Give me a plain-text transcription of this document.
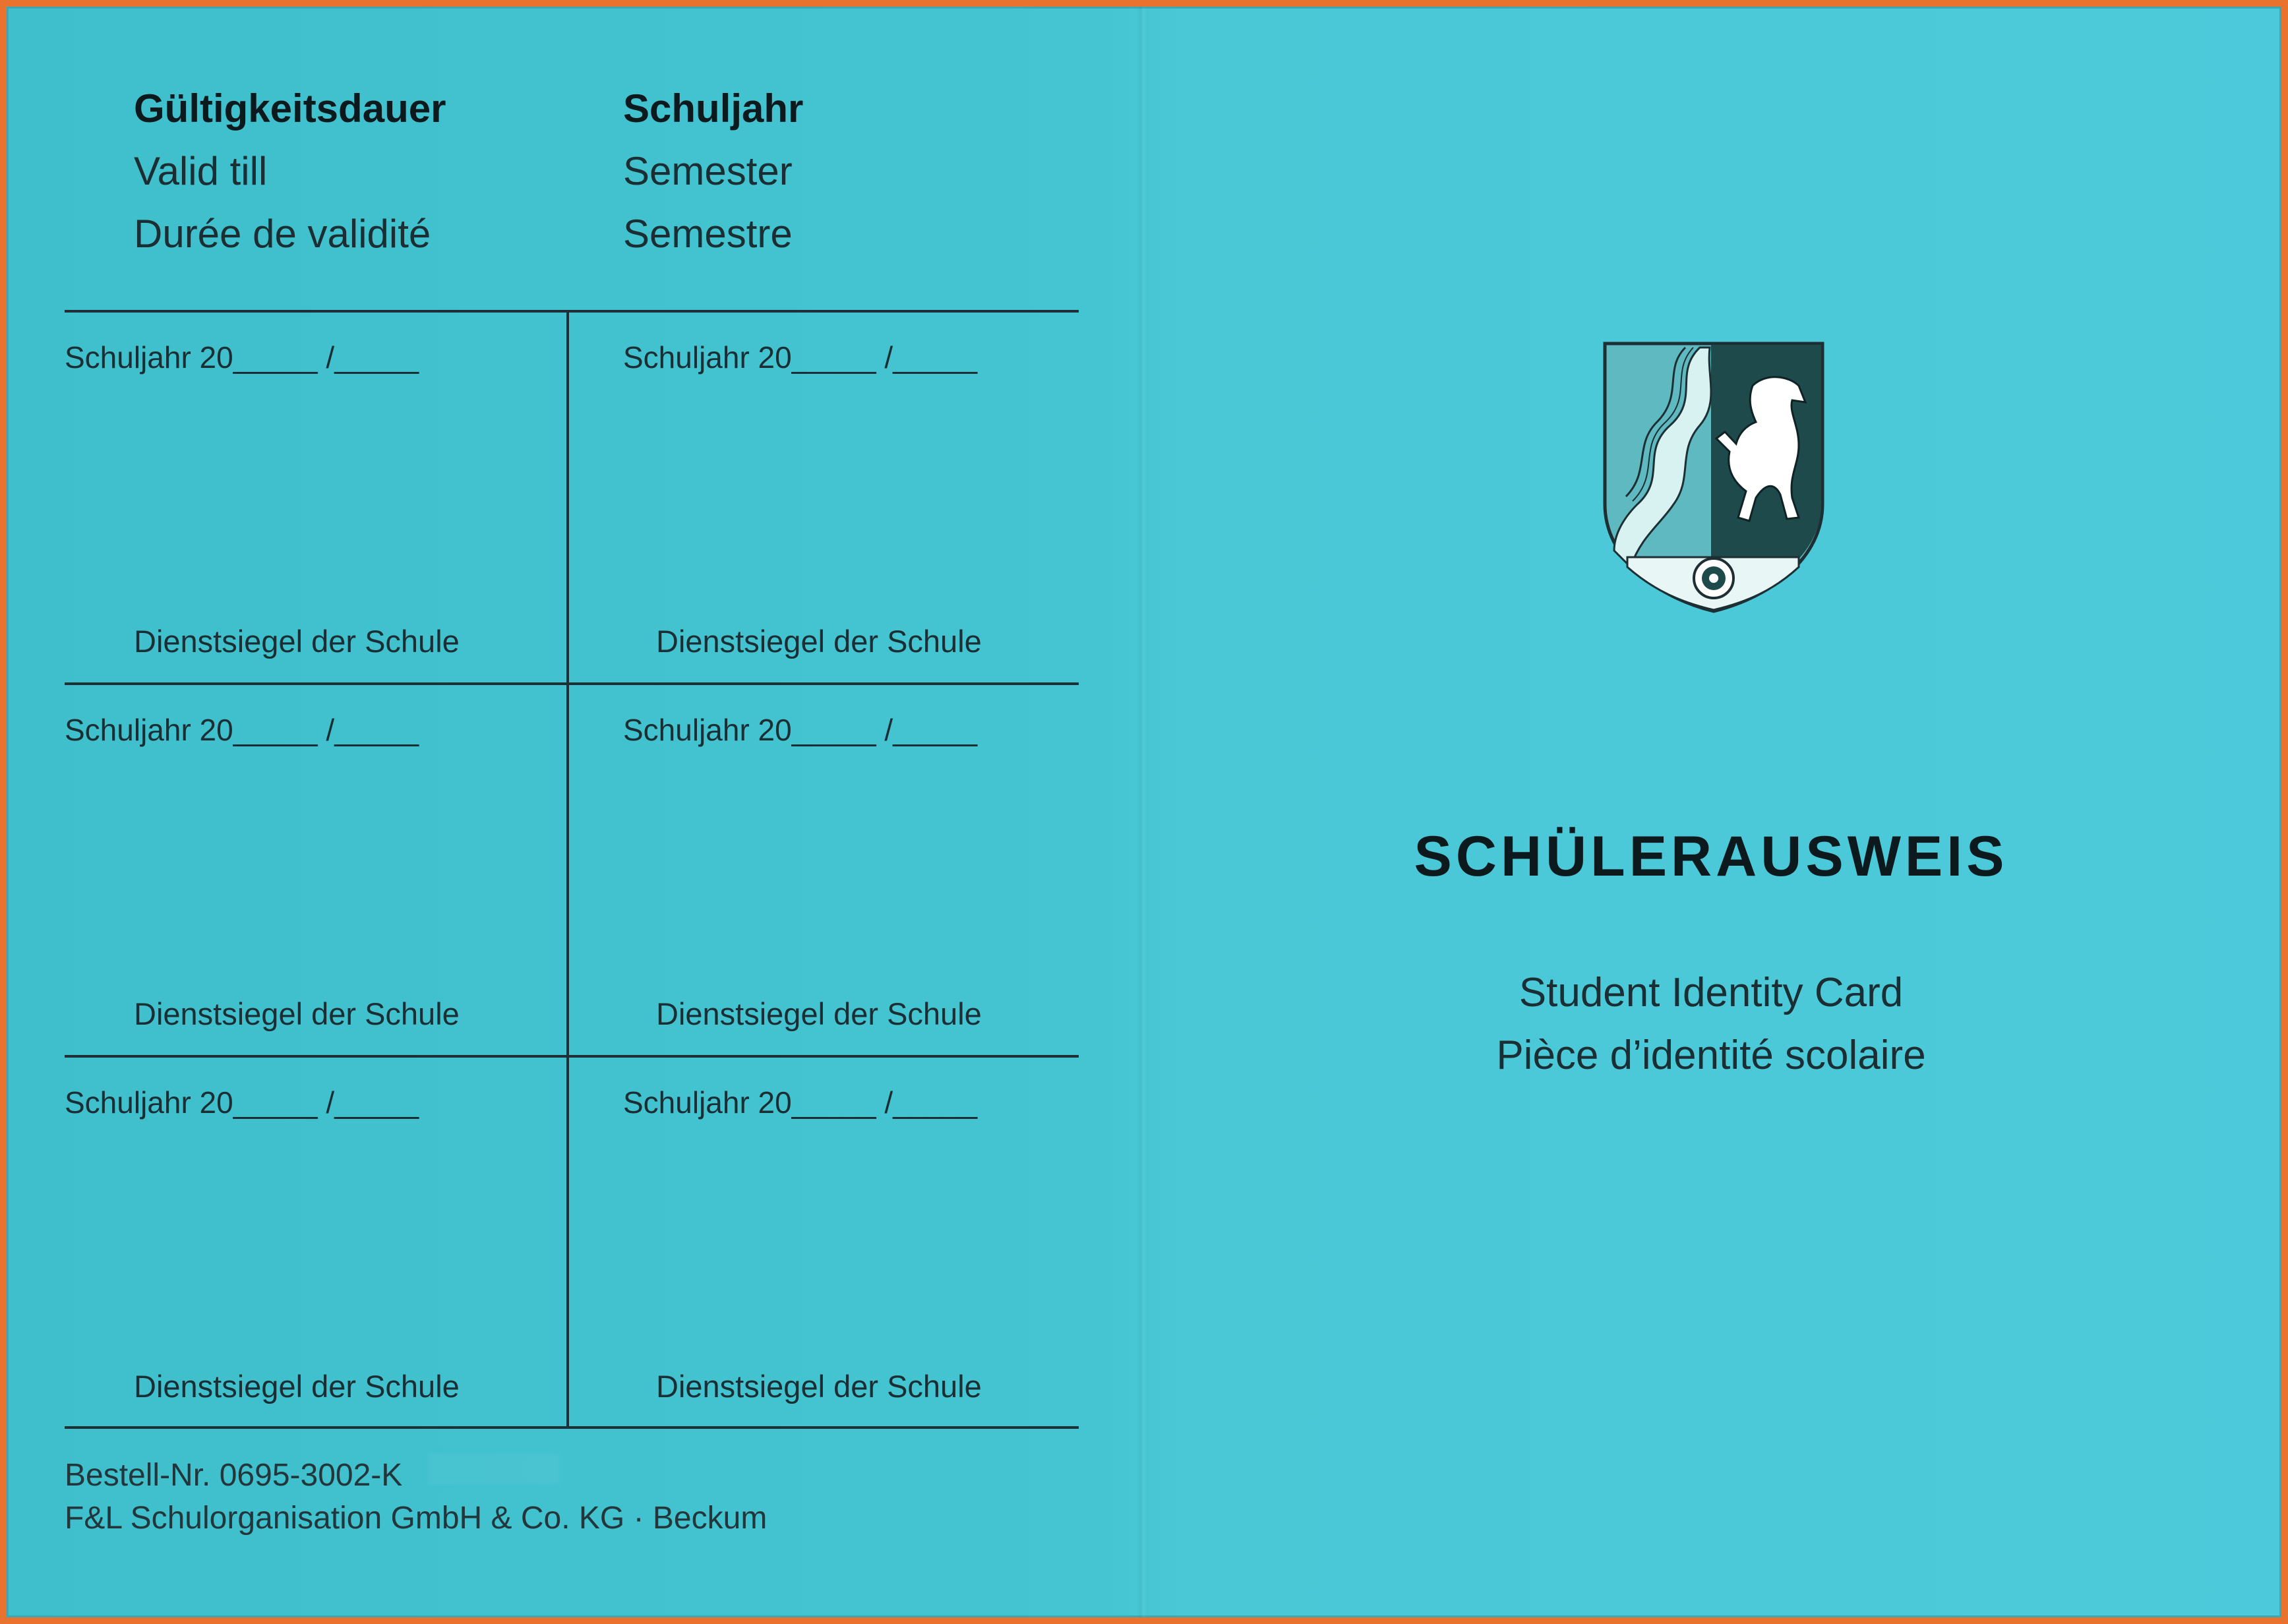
Gültigkeitsdauer
Valid till
Durée de validité
Schuljahr
Semester
Semestre
Schuljahr 20_____ /_____
Dienstsiegel der Schule
Schuljahr 20_____ /_____
Dienstsiegel der Schule
Schuljahr 20_____ /_____
Dienstsiegel der Schule
Schuljahr 20_____ /_____
Dienstsiegel der Schule
Schuljahr 20_____ /_____
Dienstsiegel der Schule
Schuljahr 20_____ /_____
Dienstsiegel der Schule
Bestell-Nr. 0695-3002-K
F&L Schulorganisation GmbH & Co. KG · Beckum
SCHÜLERAUSWEIS
Student Identity Card
Pièce d’identité scolaire
